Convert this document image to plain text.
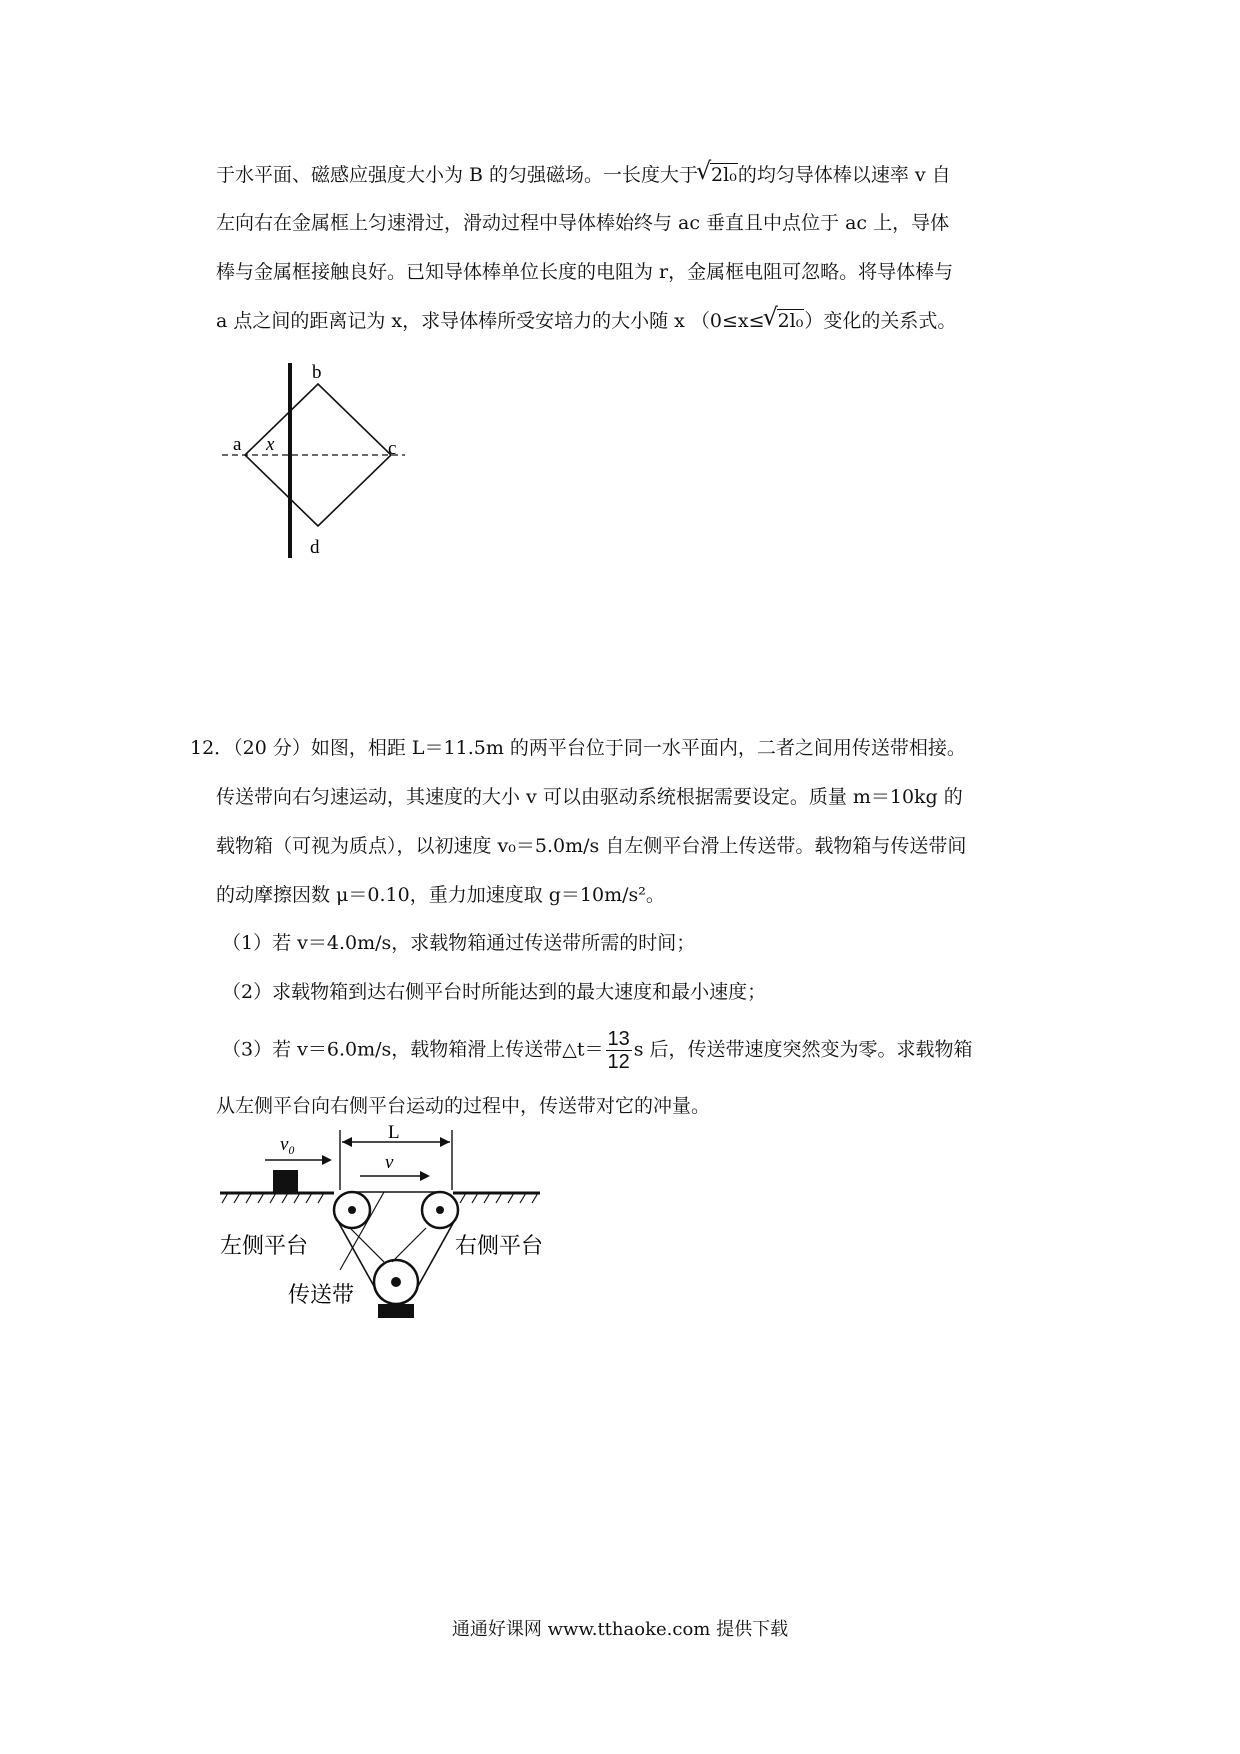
于水平面、磁感应强度大小为 B 的匀强磁场。一长度大于 √ 2l₀的均匀导体棒以速率 v 自
左向右在金属框上匀速滑过，滑动过程中导体棒始终与 ac 垂直且中点位于 ac 上，导体
棒与金属框接触良好。已知导体棒单位长度的电阻为 r，金属框电阻可忽略。将导体棒与
a 点之间的距离记为 x，求导体棒所受安培力的大小随 x （0≤x≤ √ 2l₀）变化的关系式。
b
a x	c
d
12．（20 分）如图，相距 L＝11.5m 的两平台位于同一水平面内，二者之间用传送带相接。
传送带向右匀速运动，其速度的大小 v 可以由驱动系统根据需要设定。质量 m＝10kg 的
载物箱（可视为质点），以初速度 v₀＝5.0m/s 自左侧平台滑上传送带。载物箱与传送带间
的动摩擦因数 μ＝0.10，重力加速度取 g＝10m/s²。
（1）若 v＝4.0m/s，求载物箱通过传送带所需的时间；
（2）求载物箱到达右侧平台时所能达到的最大速度和最小速度；
（3）若 v＝6.0m/s，载物箱滑上传送带△t＝ $\frac{13}{12}$ s 后，传送带速度突然变为零。求载物箱
从左侧平台向右侧平台运动的过程中，传送带对它的冲量。
v₀
L
v
左侧平台	右侧平台
传送带
通通好课网 www.tthaoke.com 提供下载
